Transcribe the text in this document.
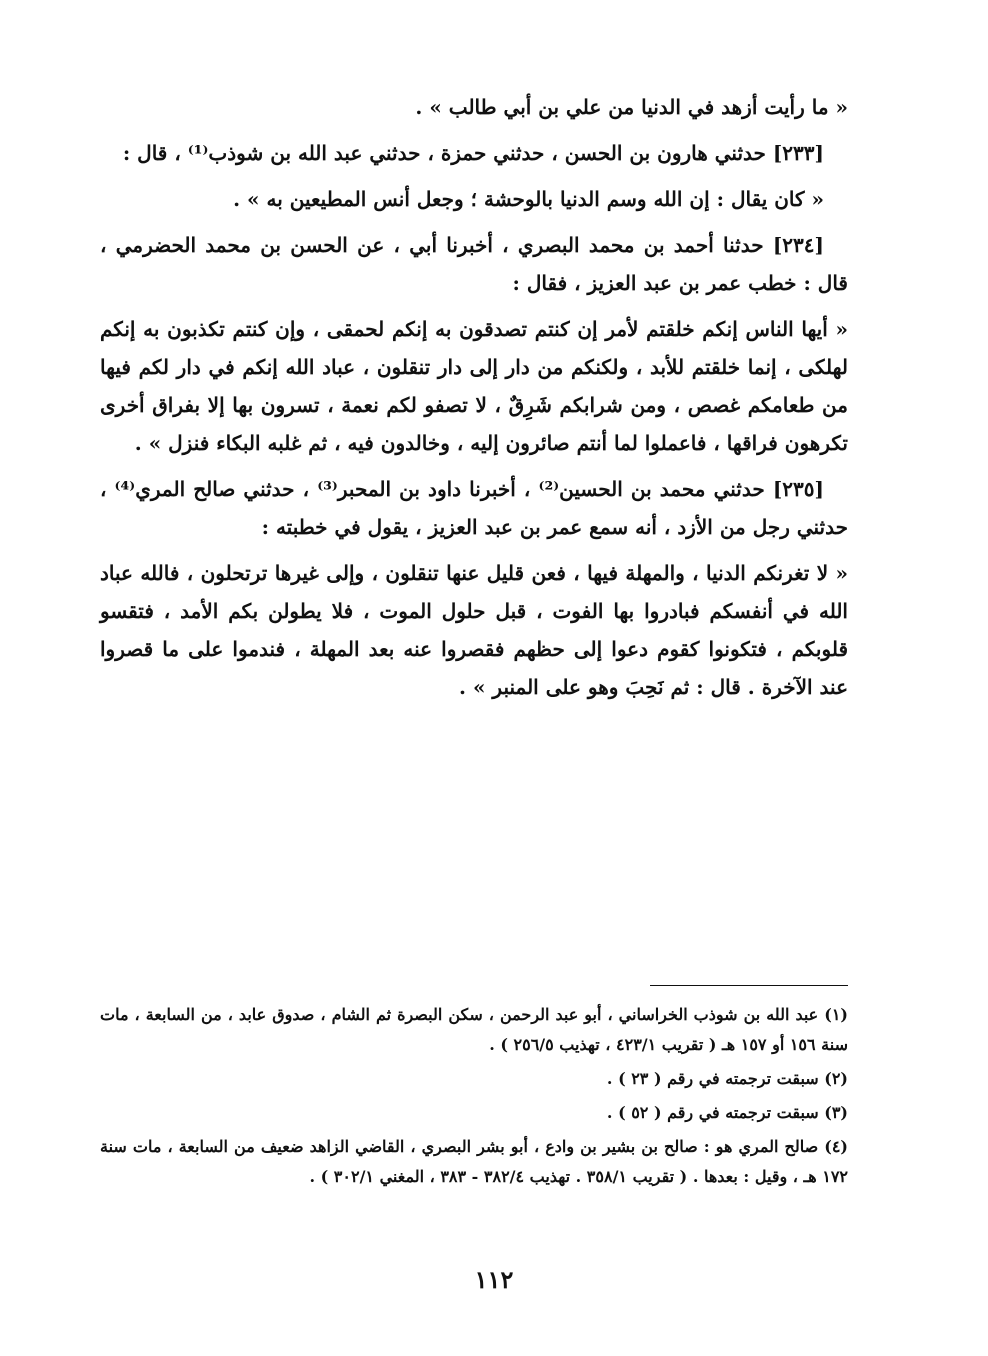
« ما رأيت أزهد في الدنيا من علي بن أبي طالب » .

[٢٣٣] حدثني هارون بن الحسن ، حدثني حمزة ، حدثني عبد الله بن شوذب⁽¹⁾ ، قال :

« كان يقال : إن الله وسم الدنيا بالوحشة ؛ وجعل أنس المطيعين به » .

[٢٣٤] حدثنا أحمد بن محمد البصري ، أخبرنا أبي ، عن الحسن بن محمد الحضرمي ، قال : خطب عمر بن عبد العزيز ، فقال :

« أيها الناس إنكم خلقتم لأمر إن كنتم تصدقون به إنكم لحمقى ، وإن كنتم تكذبون به إنكم لهلكى ، إنما خلقتم للأبد ، ولكنكم من دار إلى دار تنقلون ، عباد الله إنكم في دار لكم فيها من طعامكم غصص ، ومن شرابكم شَرِقٌ ، لا تصفو لكم نعمة ، تسرون بها إلا بفراق أخرى تكرهون فراقها ، فاعملوا لما أنتم صائرون إليه ، وخالدون فيه ، ثم غلبه البكاء فنزل » .

[٢٣٥] حدثني محمد بن الحسين⁽²⁾ ، أخبرنا داود بن المحبر⁽³⁾ ، حدثني صالح المري⁽⁴⁾ ، حدثني رجل من الأزد ، أنه سمع عمر بن عبد العزيز ، يقول في خطبته :

« لا تغرنكم الدنيا ، والمهلة فيها ، فعن قليل عنها تنقلون ، وإلى غيرها ترتحلون ، فالله عباد الله في أنفسكم فبادروا بها الفوت ، قبل حلول الموت ، فلا يطولن بكم الأمد ، فتقسو قلوبكم ، فتكونوا كقوم دعوا إلى حظهم فقصروا عنه بعد المهلة ، فندموا على ما قصروا عند الآخرة . قال : ثم نَحِبَ وهو على المنبر » .

(١) عبد الله بن شوذب الخراساني ، أبو عبد الرحمن ، سكن البصرة ثم الشام ، صدوق عابد ، من السابعة ، مات سنة ١٥٦ أو ١٥٧ هـ ( تقريب ٤٢٣/١ ، تهذيب ٢٥٦/٥ ) .

(٢) سبقت ترجمته في رقم ( ٢٣ ) .

(٣) سبقت ترجمته في رقم ( ٥٢ ) .

(٤) صالح المري هو : صالح بن بشير بن وادع ، أبو بشر البصري ، القاضي الزاهد ضعيف من السابعة ، مات سنة ١٧٢ هـ ، وقيل : بعدها . ( تقريب ٣٥٨/١ . تهذيب ٣٨٢/٤ - ٣٨٣ ، المغني ٣٠٢/١ ) .

١١٢
